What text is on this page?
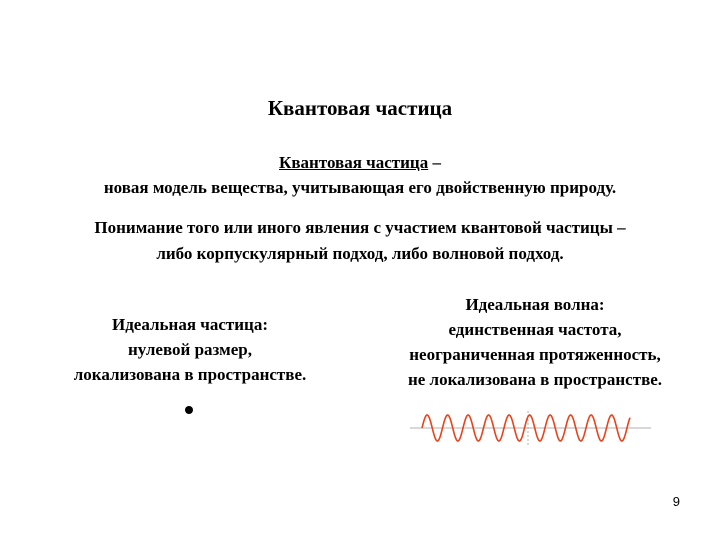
Квантовая частица
Квантовая частица –
новая модель вещества, учитывающая его двойственную природу.
Понимание того или иного явления с участием квантовой частицы –
либо корпускулярный подход, либо волновой подход.
Идеальная частица:
нулевой размер,
локализована в пространстве.
Идеальная волна:
единственная частота,
неограниченная протяженность,
не локализована в пространстве.
9
